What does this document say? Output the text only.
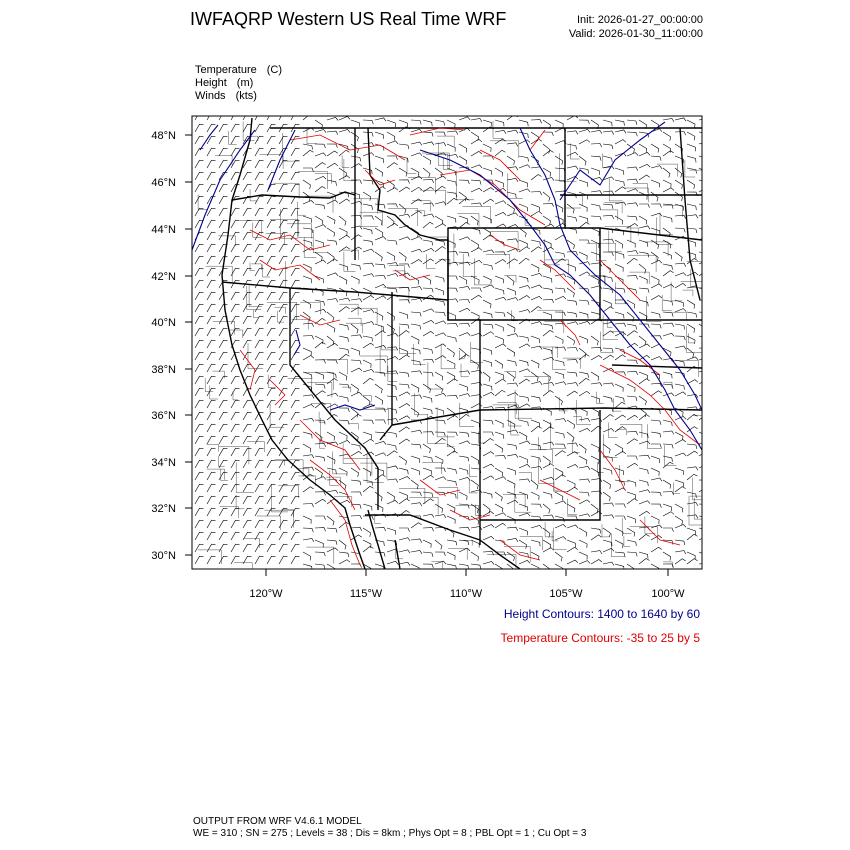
IWFAQRP Western US Real Time WRF	Init: 2026-01-27_00:00:00
Valid: 2026-01-30_11:00:00
Temperature (C)
Height (m)
Winds (kts)
48°N
46°N
44°N
42°N
40°N
38°N
36°N
34°N
32°N
30°N
120°W	115°W	110°W	105°W	100°W
Height Contours: 1400 to 1640 by 60
Temperature Contours: -35 to 25 by 5
OUTPUT FROM WRF V4.6.1 MODEL
WE = 310 ; SN = 275 ; Levels = 38 ; Dis = 8km ; Phys Opt = 8 ; PBL Opt = 1 ; Cu Opt = 3
